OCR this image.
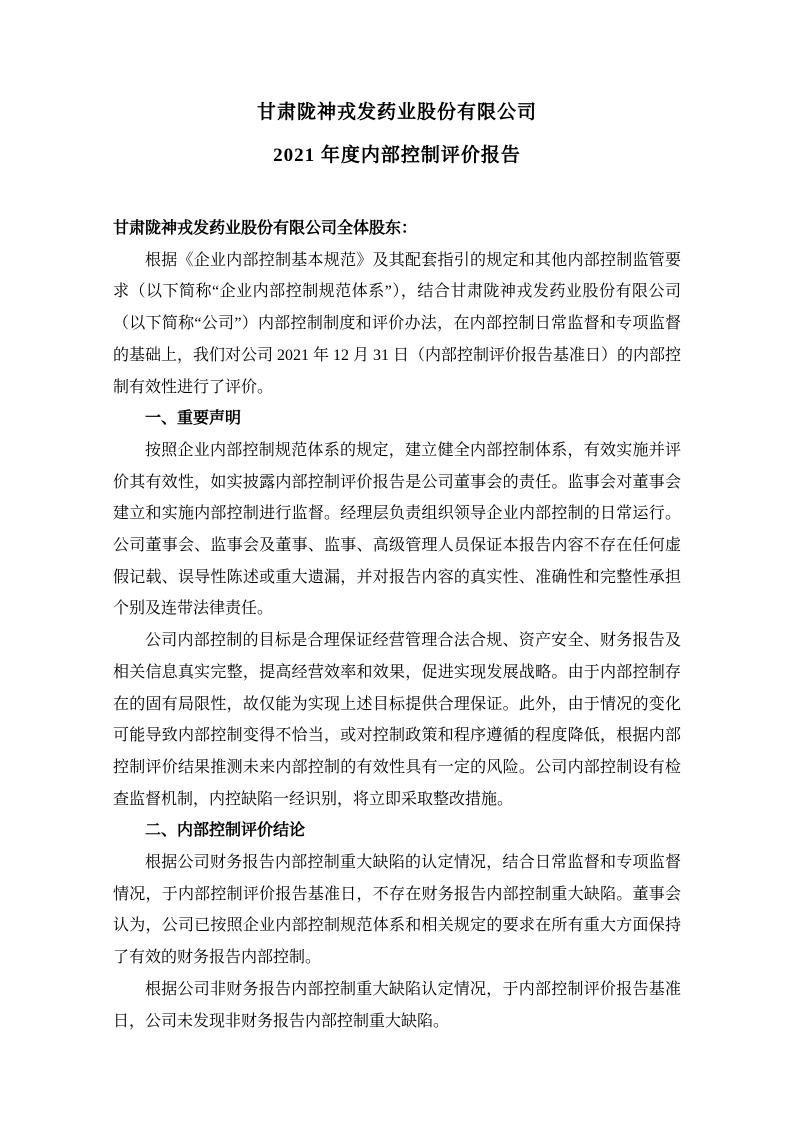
甘肃陇神戎发药业股份有限公司
2021 年度内部控制评价报告

甘肃陇神戎发药业股份有限公司全体股东：

根据《企业内部控制基本规范》及其配套指引的规定和其他内部控制监管要求（以下简称“企业内部控制规范体系”），结合甘肃陇神戎发药业股份有限公司（以下简称“公司”）内部控制制度和评价办法，在内部控制日常监督和专项监督的基础上，我们对公司 2021 年 12 月 31 日（内部控制评价报告基准日）的内部控制有效性进行了评价。

一、重要声明

按照企业内部控制规范体系的规定，建立健全内部控制体系，有效实施并评价其有效性，如实披露内部控制评价报告是公司董事会的责任。监事会对董事会建立和实施内部控制进行监督。经理层负责组织领导企业内部控制的日常运行。公司董事会、监事会及董事、监事、高级管理人员保证本报告内容不存在任何虚假记载、误导性陈述或重大遗漏，并对报告内容的真实性、准确性和完整性承担个别及连带法律责任。

公司内部控制的目标是合理保证经营管理合法合规、资产安全、财务报告及相关信息真实完整，提高经营效率和效果，促进实现发展战略。由于内部控制存在的固有局限性，故仅能为实现上述目标提供合理保证。此外，由于情况的变化可能导致内部控制变得不恰当，或对控制政策和程序遵循的程度降低，根据内部控制评价结果推测未来内部控制的有效性具有一定的风险。公司内部控制设有检查监督机制，内控缺陷一经识别，将立即采取整改措施。

二、内部控制评价结论

根据公司财务报告内部控制重大缺陷的认定情况，结合日常监督和专项监督情况，于内部控制评价报告基准日，不存在财务报告内部控制重大缺陷。董事会认为，公司已按照企业内部控制规范体系和相关规定的要求在所有重大方面保持了有效的财务报告内部控制。

根据公司非财务报告内部控制重大缺陷认定情况，于内部控制评价报告基准日，公司未发现非财务报告内部控制重大缺陷。
